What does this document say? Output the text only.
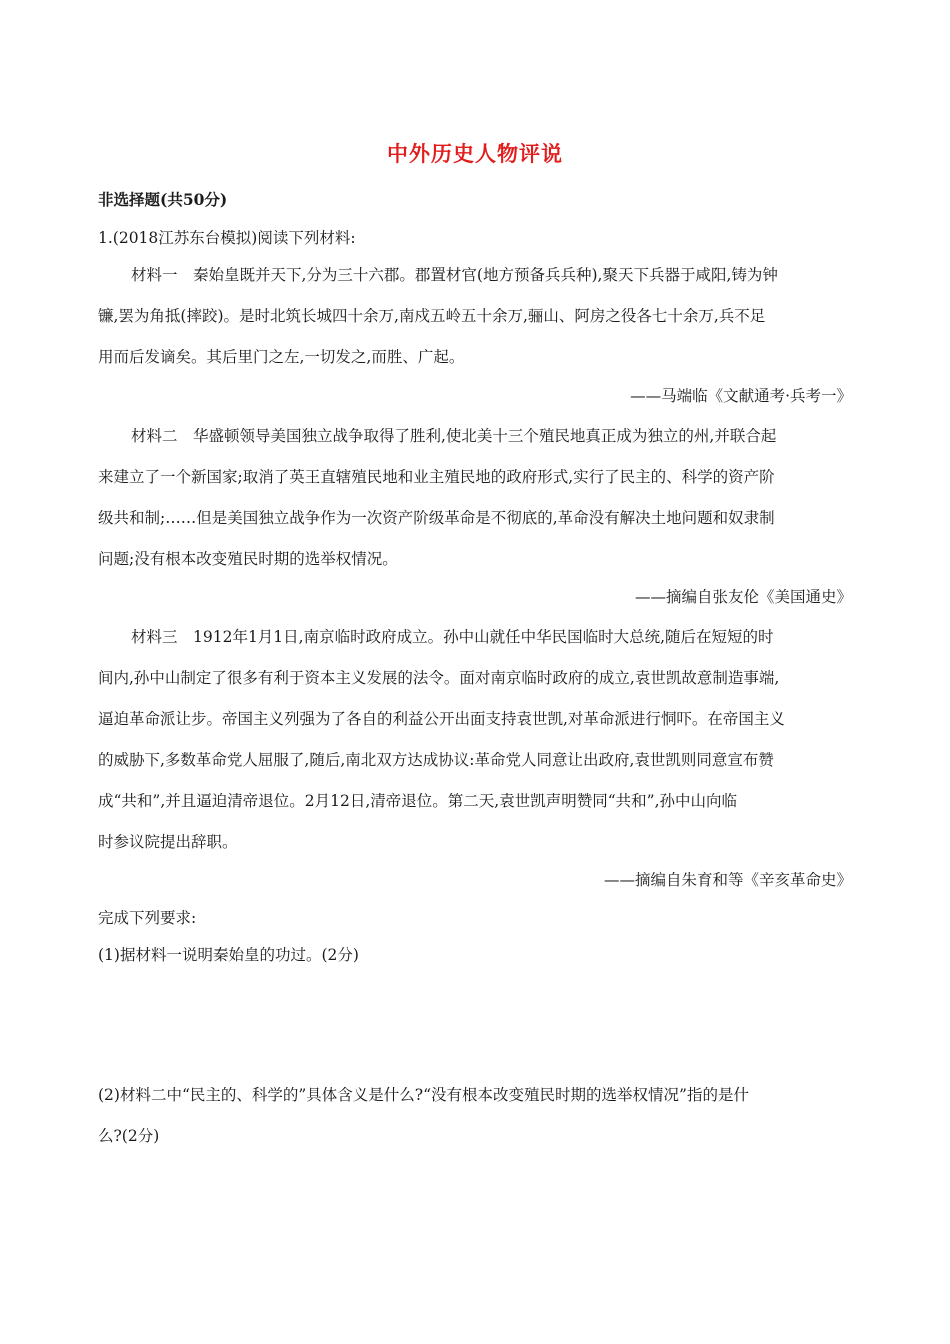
中外历史人物评说
非选择题(共50分)
1.(2018江苏东台模拟)阅读下列材料:
材料一　秦始皇既并天下,分为三十六郡。郡置材官(地方预备兵兵种),聚天下兵器于咸阳,铸为钟
镰,罢为角抵(摔跤)。是时北筑长城四十余万,南戍五岭五十余万,骊山、阿房之役各七十余万,兵不足
用而后发谪矣。其后里门之左,一切发之,而胜、广起。
——马端临《文献通考·兵考一》
材料二　华盛顿领导美国独立战争取得了胜利,使北美十三个殖民地真正成为独立的州,并联合起
来建立了一个新国家;取消了英王直辖殖民地和业主殖民地的政府形式,实行了民主的、科学的资产阶
级共和制;……但是美国独立战争作为一次资产阶级革命是不彻底的,革命没有解决土地问题和奴隶制
问题;没有根本改变殖民时期的选举权情况。
——摘编自张友伦《美国通史》
材料三　1912年1月1日,南京临时政府成立。孙中山就任中华民国临时大总统,随后在短短的时
间内,孙中山制定了很多有利于资本主义发展的法令。面对南京临时政府的成立,袁世凯故意制造事端,
逼迫革命派让步。帝国主义列强为了各自的利益公开出面支持袁世凯,对革命派进行恫吓。在帝国主义
的威胁下,多数革命党人屈服了,随后,南北双方达成协议:革命党人同意让出政府,袁世凯则同意宣布赞
成“共和”,并且逼迫清帝退位。2月12日,清帝退位。第二天,袁世凯声明赞同“共和”,孙中山向临
时参议院提出辞职。
——摘编自朱育和等《辛亥革命史》
完成下列要求:
(1)据材料一说明秦始皇的功过。(2分)
(2)材料二中“民主的、科学的”具体含义是什么?“没有根本改变殖民时期的选举权情况”指的是什
么?(2分)
